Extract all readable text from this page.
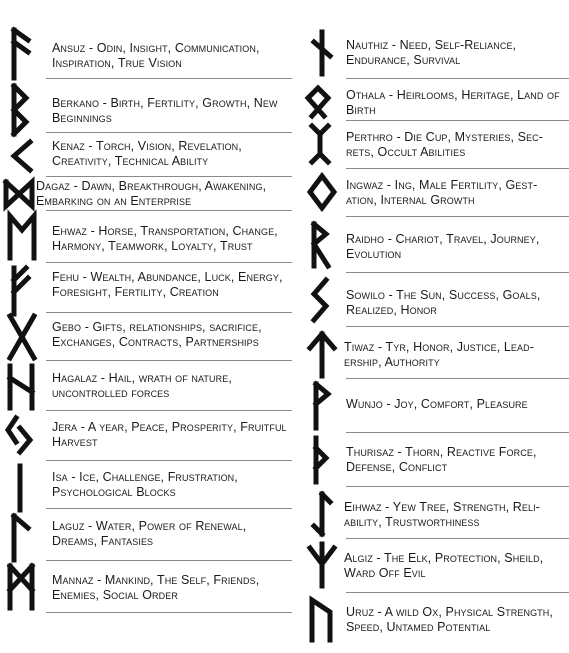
Ansuz - Odin, Insight, Communication, Inspiration, True Vision
Berkano - Birth, Fertility, Growth, New Beginnings
Kenaz - Torch, Vision, Revelation, Creativity, Technical Ability
Dagaz - Dawn, Breakthrough, Awakening, Embarking on an Enterprise
Ehwaz - Horse, Transportation, Change, Harmony, Teamwork, Loyalty, Trust
Fehu - Wealth, Abundance, Luck, Energy, Foresight, Fertility, Creation
Gebo - Gifts, relationships, sacrifice, Exchanges, Contracts, Partnerships
Hagalaz - Hail, wrath of nature, uncontrolled forces
Jera - A year, Peace, Prosperity, Fruitful Harvest
Isa - Ice, Challenge, Frustration, Psychological Blocks
Laguz - Water, Power of Renewal, Dreams, Fantasies
Mannaz - Mankind, The Self, Friends, Enemies, Social Order
Nauthiz - Need, Self-Reliance, Endurance, Survival
Othala - Heirlooms, Heritage, Land of Birth
Perthro - Die Cup, Mysteries, Sec- rets, Occult Abilities
Ingwaz - Ing, Male Fertility, Gest- ation, Internal Growth
Raidho - Chariot, Travel, Journey, Evolution
Sowilo - The Sun, Success, Goals, Realized, Honor
Tiwaz - Tyr, Honor, Justice, Lead- ership, Authority
Wunjo - Joy, Comfort, Pleasure
Thurisaz - Thorn, Reactive Force, Defense, Conflict
Eihwaz - Yew Tree, Strength, Reli- ability, Trustworthiness
Algiz - The Elk, Protection, Sheild, Ward Off Evil
Uruz - A wild Ox, Physical Strength, Speed, Untamed Potential
